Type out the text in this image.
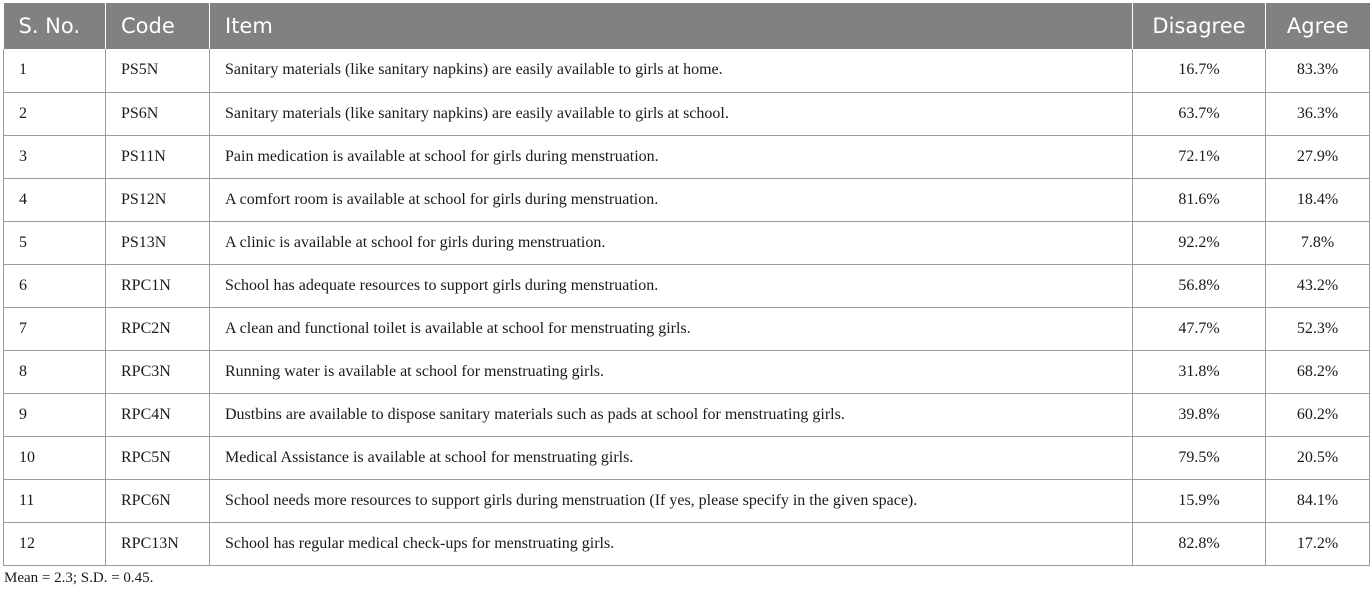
S. No.	Code	Item	Disagree	Agree
1	PS5N	Sanitary materials (like sanitary napkins) are easily available to girls at home.	16.7%	83.3%
2	PS6N	Sanitary materials (like sanitary napkins) are easily available to girls at school.	63.7%	36.3%
3	PS11N	Pain medication is available at school for girls during menstruation.	72.1%	27.9%
4	PS12N	A comfort room is available at school for girls during menstruation.	81.6%	18.4%
5	PS13N	A clinic is available at school for girls during menstruation.	92.2%	7.8%
6	RPC1N	School has adequate resources to support girls during menstruation.	56.8%	43.2%
7	RPC2N	A clean and functional toilet is available at school for menstruating girls.	47.7%	52.3%
8	RPC3N	Running water is available at school for menstruating girls.	31.8%	68.2%
9	RPC4N	Dustbins are available to dispose sanitary materials such as pads at school for menstruating girls.	39.8%	60.2%
10	RPC5N	Medical Assistance is available at school for menstruating girls.	79.5%	20.5%
11	RPC6N	School needs more resources to support girls during menstruation (If yes, please specify in the given space).	15.9%	84.1%
12	RPC13N	School has regular medical check-ups for menstruating girls.	82.8%	17.2%
Mean = 2.3; S.D. = 0.45.
